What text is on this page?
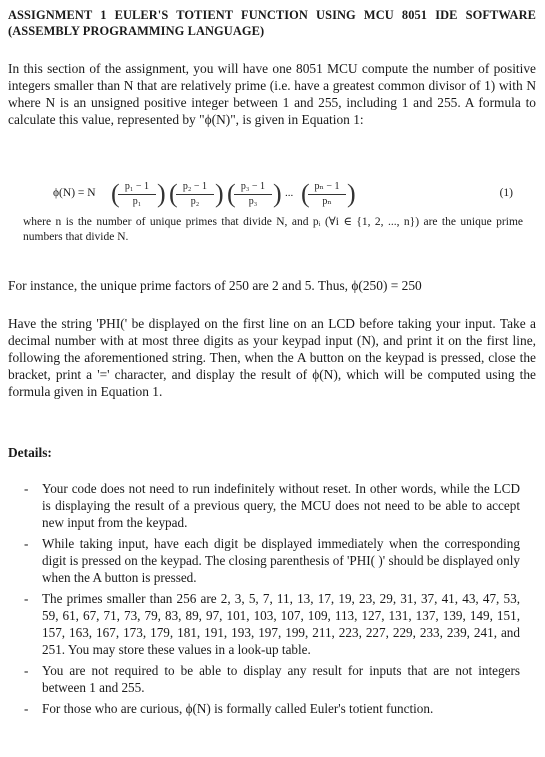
ASSIGNMENT 1 EULER'S TOTIENT FUNCTION USING MCU 8051 IDE SOFTWARE (ASSEMBLY PROGRAMMING LANGUAGE)
In this section of the assignment, you will have one 8051 MCU compute the number of positive integers smaller than N that are relatively prime (i.e. have a greatest common divisor of 1) with N where N is an unsigned positive integer between 1 and 255, including 1 and 255. A formula to calculate this value, represented by "ϕ(N)", is given in Equation 1:
ϕ(N) = N (
$\frac{\text{p₁ − 1}}{\text{p₁}}$ ) (
$\frac{\text{p₂ − 1}}{\text{p₂}}$ ) (
$\frac{\text{p₃ − 1}}{\text{p₃}}$ ) ... (
$\frac{\text{pₙ − 1}}{\text{pₙ}}$ )	(1)
where n is the number of unique primes that divide N, and pᵢ (∀i ∈ {1, 2, ..., n}) are the unique prime numbers that divide N.
For instance, the unique prime factors of 250 are 2 and 5. Thus, ϕ(250) = 250
Have the string 'PHI(' be displayed on the first line on an LCD before taking your input. Take a decimal number with at most three digits as your keypad input (N), and print it on the first line, following the aforementioned string. Then, when the A button on the keypad is pressed, close the bracket, print a '=' character, and display the result of ϕ(N), which will be computed using the formula given in Equation 1.
Details:
- Your code does not need to run indefinitely without reset. In other words, while the LCD is displaying the result of a previous query, the MCU does not need to be able to accept new input from the keypad.
- While taking input, have each digit be displayed immediately when the corresponding digit is pressed on the keypad. The closing parenthesis of 'PHI( )' should be displayed only when the A button is pressed.
- The primes smaller than 256 are 2, 3, 5, 7, 11, 13, 17, 19, 23, 29, 31, 37, 41, 43, 47, 53, 59, 61, 67, 71, 73, 79, 83, 89, 97, 101, 103, 107, 109, 113, 127, 131, 137, 139, 149, 151, 157, 163, 167, 173, 179, 181, 191, 193, 197, 199, 211, 223, 227, 229, 233, 239, 241, and 251. You may store these values in a look-up table.
- You are not required to be able to display any result for inputs that are not integers between 1 and 255.
- For those who are curious, ϕ(N) is formally called Euler's totient function.
